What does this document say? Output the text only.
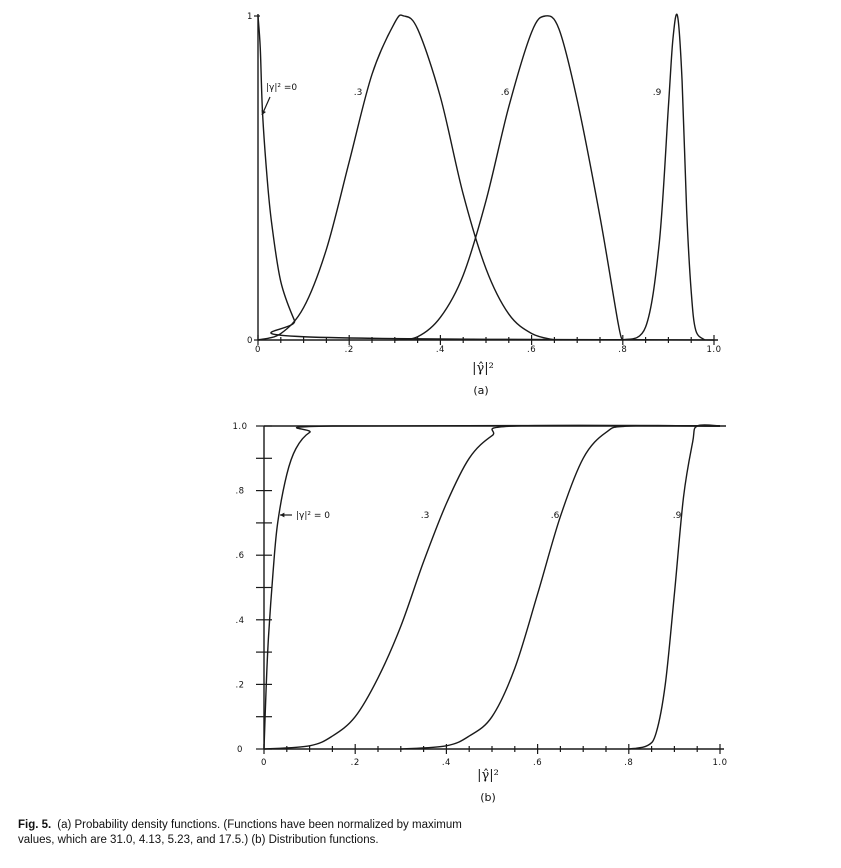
0	.2	.4	.6	.8	1.0
0
1
|γ|² =0	.3	.6	.9
|γ̂|²
(a)
0	.2	.4	.6	.8	1.0
0
.2
.4
.6
.8
1.0
|γ|² = 0	.3	.6	.9
|γ̂|²
(b)
Fig. 5. (a) Probability density functions. (Functions have been normalized by maximum
values, which are 31.0, 4.13, 5.23, and 17.5.) (b) Distribution functions.
